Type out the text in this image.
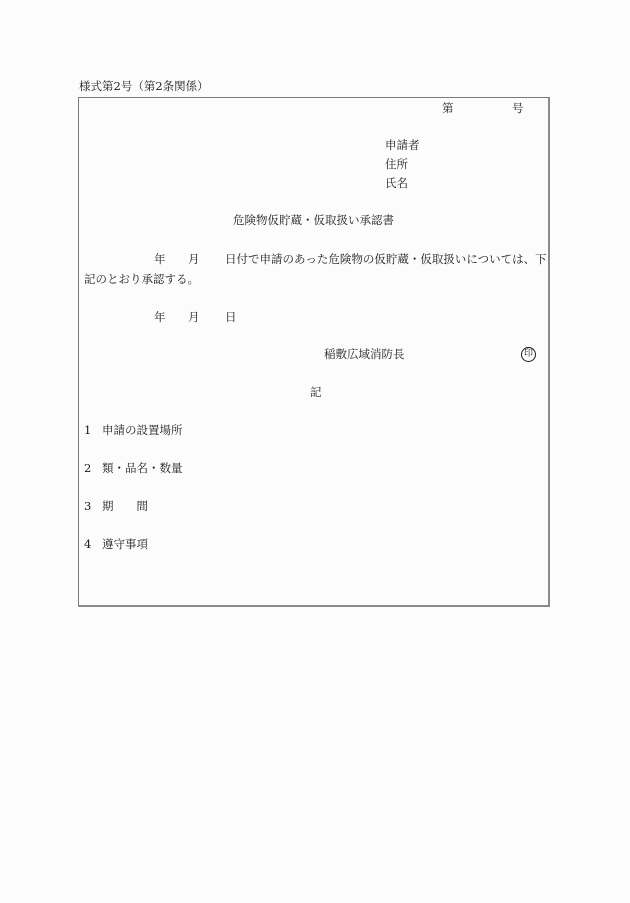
様式第2号（第2条関係）
第	号
申請者
住所
氏名
危険物仮貯蔵・仮取扱い承認書
年 月 日付で申請のあった危険物の仮貯蔵・仮取扱いについては、下
記のとおり承認する。
年 月 日
稲敷広域消防長	印
記
1 申請の設置場所
2 類・品名・数量
3 期　　間
4 遵守事項
